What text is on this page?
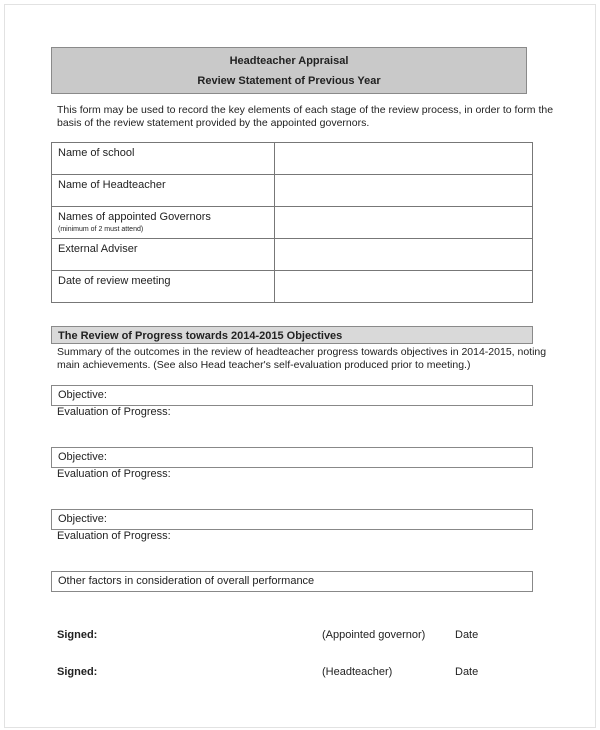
Headteacher Appraisal
Review Statement of Previous Year
This form may be used to record the key elements of each stage of the review process, in order to form the
basis of the review statement provided by the appointed governors.
Name of school	
Name of Headteacher	
Names of appointed Governors
(minimum of 2 must attend)	

External Adviser	
Date of review meeting	
The Review of Progress towards 2014-2015 Objectives
Summary of the outcomes in the review of headteacher progress towards objectives in 2014-2015, noting
main achievements. (See also Head teacher's self-evaluation produced prior to meeting.)
Objective:
Evaluation of Progress:
Objective:
Evaluation of Progress:
Objective:
Evaluation of Progress:
Other factors in consideration of overall performance
Signed:	(Appointed governor)	Date
Signed:	(Headteacher)	Date
